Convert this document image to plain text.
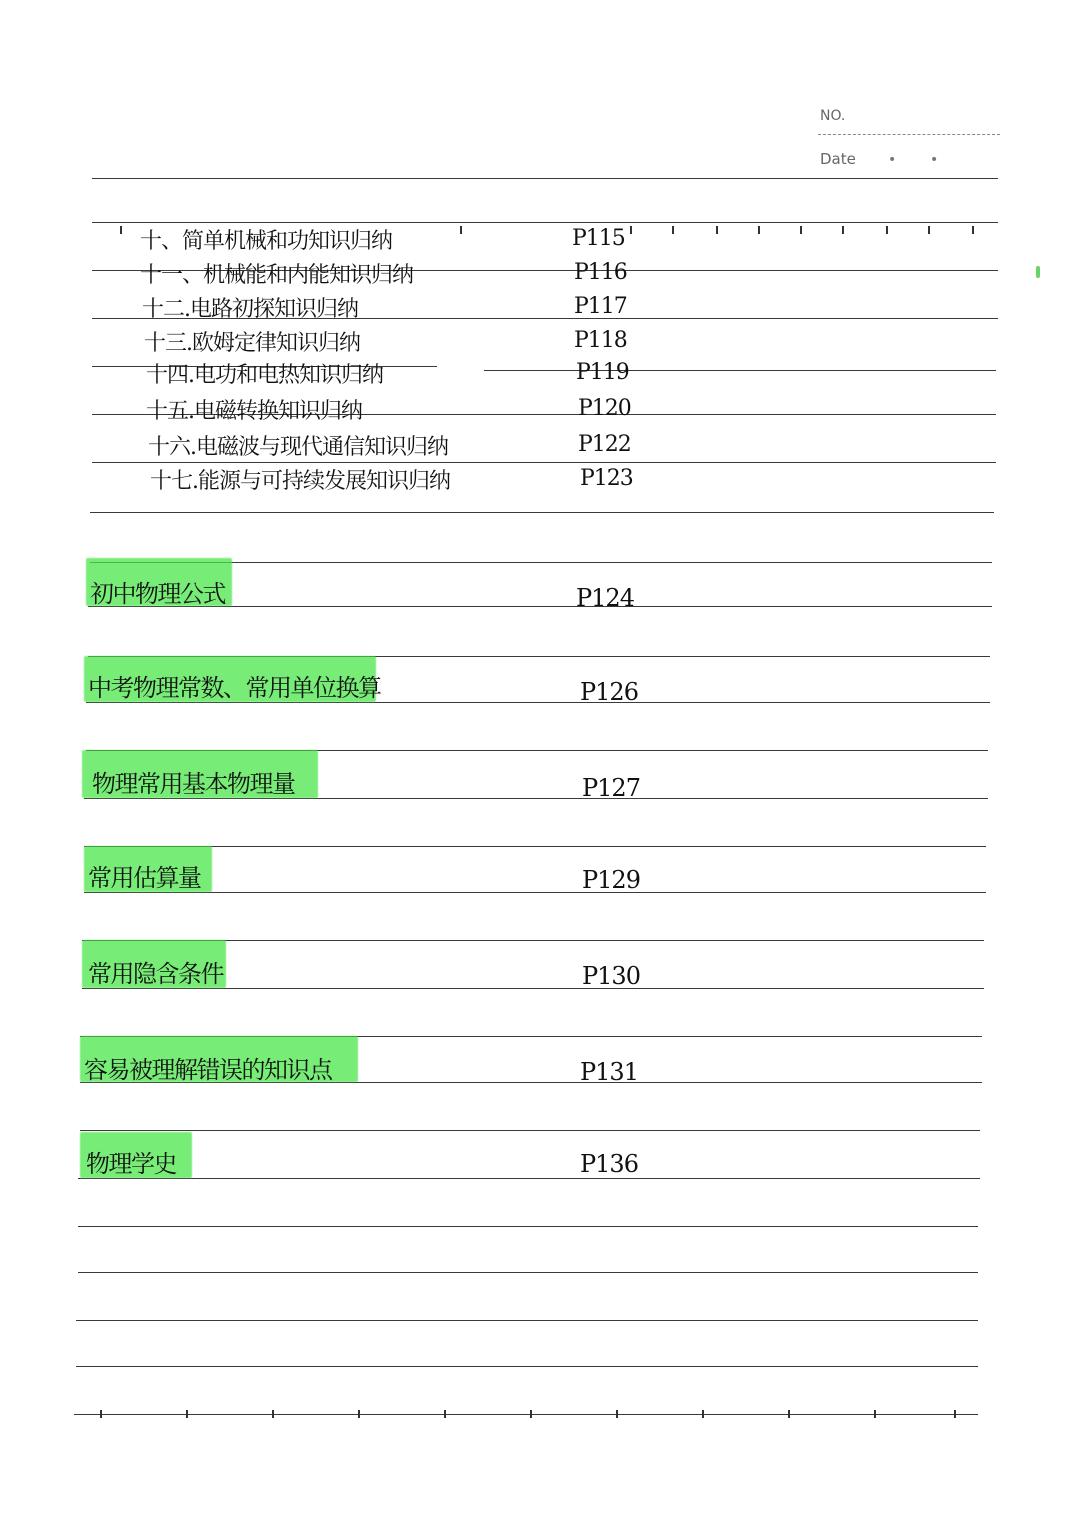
NO.
Date • •
十、简单机械和功知识归纳	P115
十一、机械能和内能知识归纳	P116
十二.电路初探知识归纳	P117
十三.欧姆定律知识归纳	P118
十四.电功和电热知识归纳	P119
十五.电磁转换知识归纳	P120
十六.电磁波与现代通信知识归纳	P122
十七.能源与可持续发展知识归纳	P123
初中物理公式	P124
中考物理常数、常用单位换算	P126
物理常用基本物理量	P127
常用估算量	P129
常用隐含条件	P130
容易被理解错误的知识点	P131
物理学史	P136
